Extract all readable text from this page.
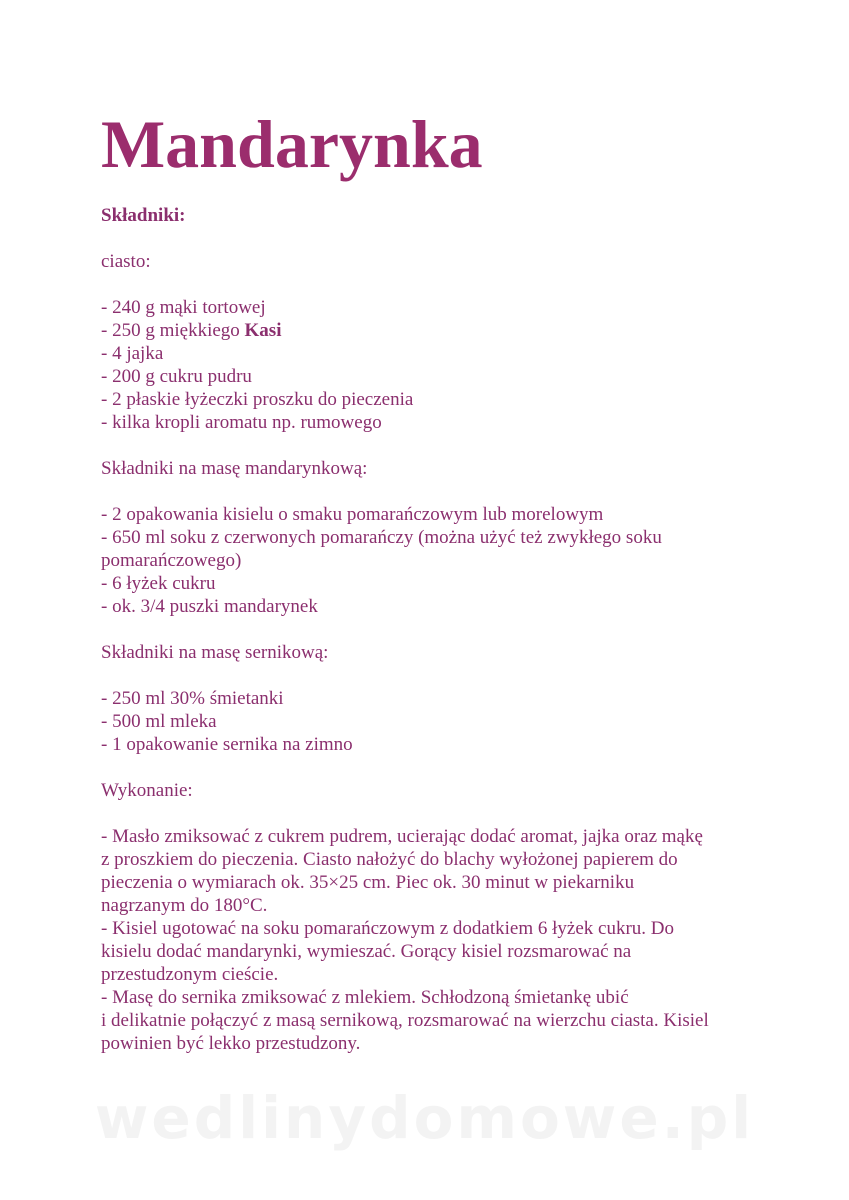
Mandarynka
Składniki:
ciasto:
- 240 g mąki tortowej
- 250 g miękkiego Kasi
- 4 jajka
- 200 g cukru pudru
- 2 płaskie łyżeczki proszku do pieczenia
- kilka kropli aromatu np. rumowego
Składniki na masę mandarynkową:
- 2 opakowania kisielu o smaku pomarańczowym lub morelowym
- 650 ml soku z czerwonych pomarańczy (można użyć też zwykłego soku
pomarańczowego)
- 6 łyżek cukru
- ok. 3/4 puszki mandarynek
Składniki na masę sernikową:
- 250 ml 30% śmietanki
- 500 ml mleka
- 1 opakowanie sernika na zimno
Wykonanie:
- Masło zmiksować z cukrem pudrem, ucierając dodać aromat, jajka oraz mąkę
z proszkiem do pieczenia. Ciasto nałożyć do blachy wyłożonej papierem do
pieczenia o wymiarach ok. 35×25 cm. Piec ok. 30 minut w piekarniku
nagrzanym do 180°C.
- Kisiel ugotować na soku pomarańczowym z dodatkiem 6 łyżek cukru. Do
kisielu dodać mandarynki, wymieszać. Gorący kisiel rozsmarować na
przestudzonym cieście.
- Masę do sernika zmiksować z mlekiem. Schłodzoną śmietankę ubić
i delikatnie połączyć z masą sernikową, rozsmarować na wierzchu ciasta. Kisiel
powinien być lekko przestudzony.
wedlinydomowe.pl
